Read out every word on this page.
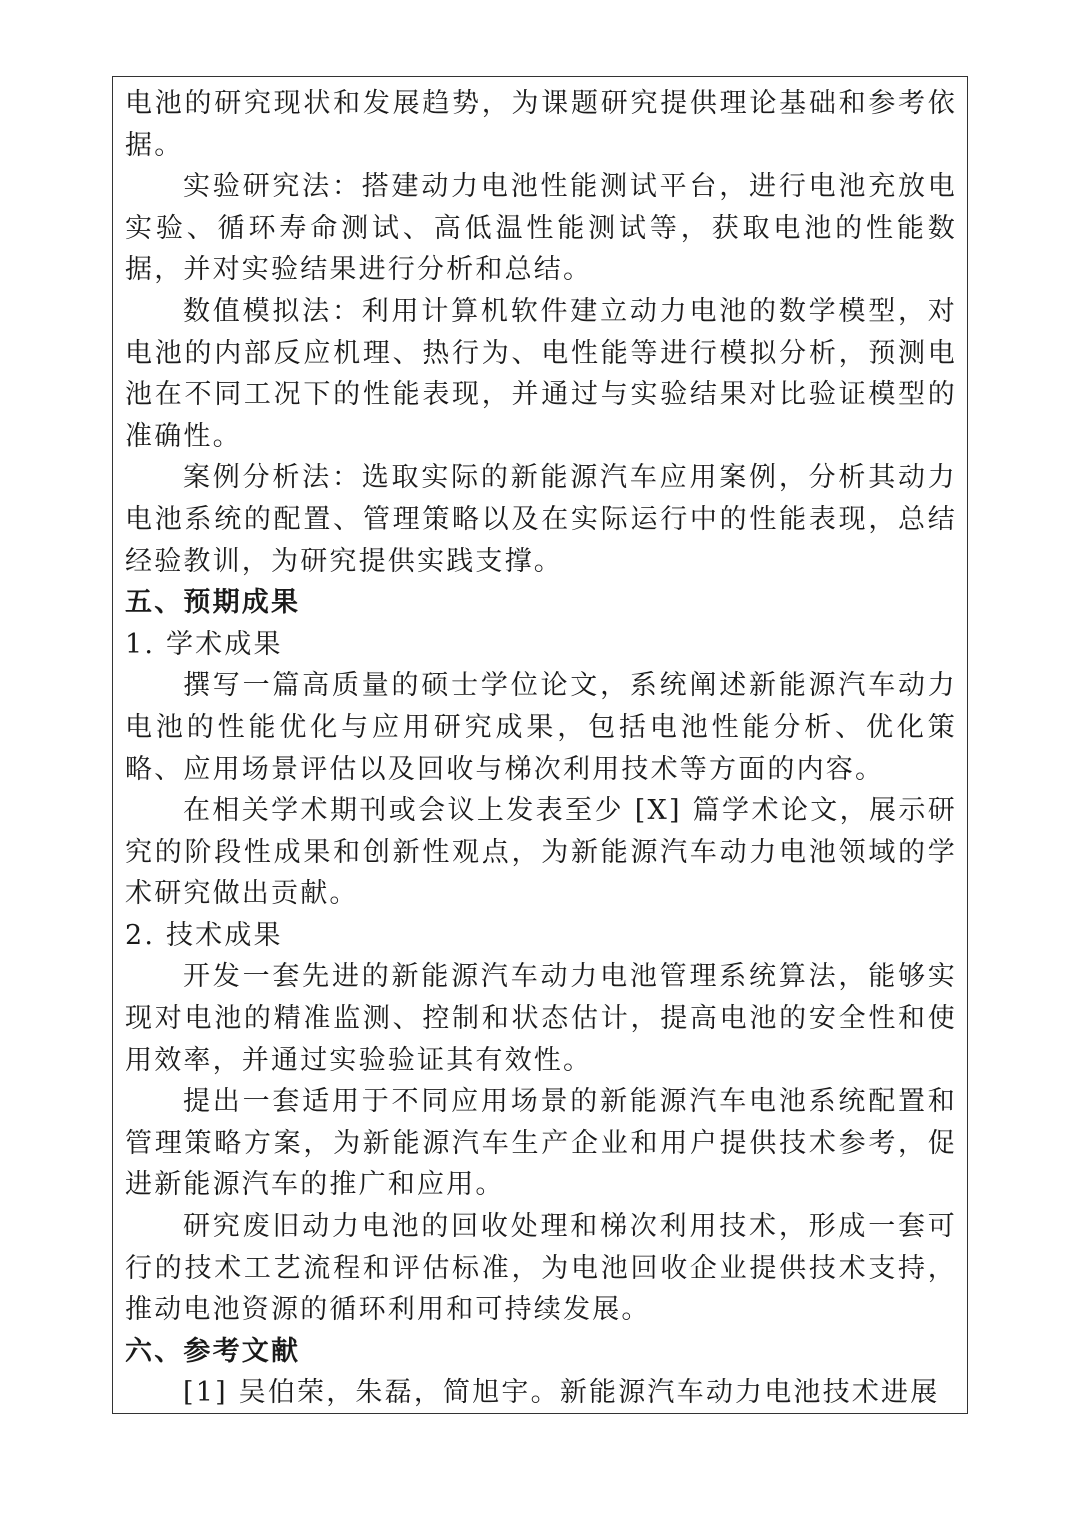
电池的研究现状和发展趋势，为课题研究提供理论基础和参考依据。

实验研究法：搭建动力电池性能测试平台，进行电池充放电实验、循环寿命测试、高低温性能测试等，获取电池的性能数据，并对实验结果进行分析和总结。

数值模拟法：利用计算机软件建立动力电池的数学模型，对电池的内部反应机理、热行为、电性能等进行模拟分析，预测电池在不同工况下的性能表现，并通过与实验结果对比验证模型的准确性。

案例分析法：选取实际的新能源汽车应用案例，分析其动力电池系统的配置、管理策略以及在实际运行中的性能表现，总结经验教训，为研究提供实践支撑。

五、预期成果

1. 学术成果

撰写一篇高质量的硕士学位论文，系统阐述新能源汽车动力电池的性能优化与应用研究成果，包括电池性能分析、优化策略、应用场景评估以及回收与梯次利用技术等方面的内容。

在相关学术期刊或会议上发表至少 [X] 篇学术论文，展示研究的阶段性成果和创新性观点，为新能源汽车动力电池领域的学术研究做出贡献。

2. 技术成果

开发一套先进的新能源汽车动力电池管理系统算法，能够实现对电池的精准监测、控制和状态估计，提高电池的安全性和使用效率，并通过实验验证其有效性。

提出一套适用于不同应用场景的新能源汽车电池系统配置和管理策略方案，为新能源汽车生产企业和用户提供技术参考，促进新能源汽车的推广和应用。

研究废旧动力电池的回收处理和梯次利用技术，形成一套可行的技术工艺流程和评估标准，为电池回收企业提供技术支持，推动电池资源的循环利用和可持续发展。

六、参考文献

[1] 吴伯荣，朱磊，简旭宇。新能源汽车动力电池技术进展
